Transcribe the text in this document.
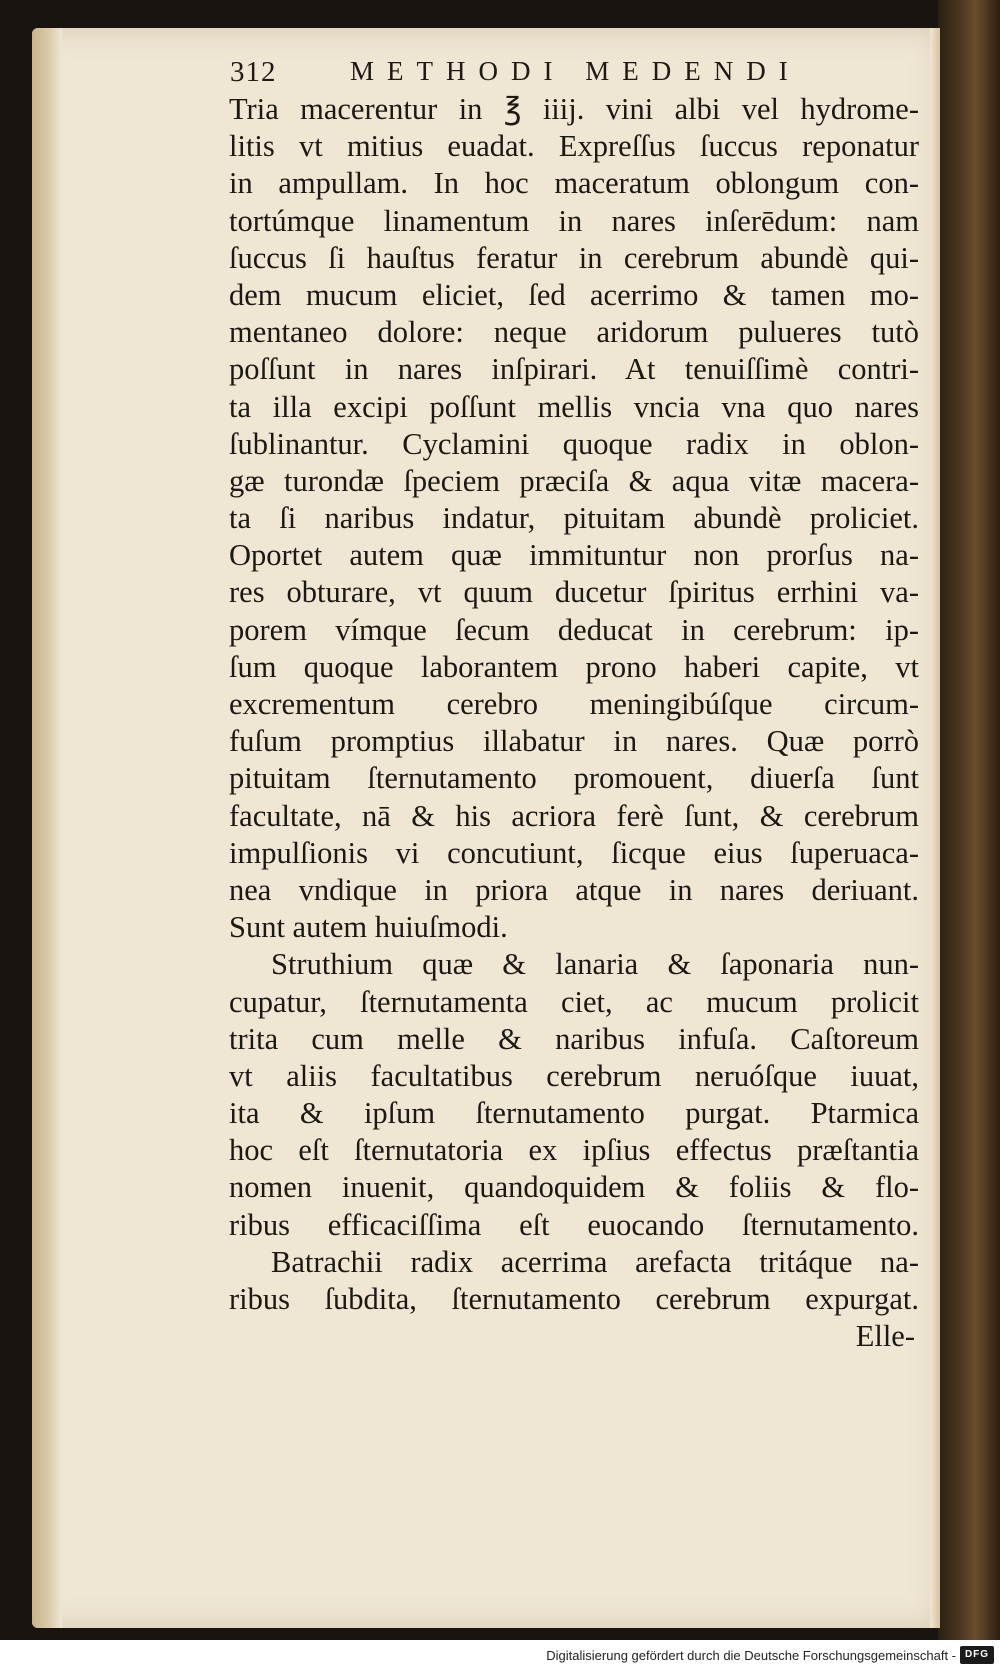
312	METHODI MEDENDI
Tria macerentur in ℥ iiij. vini albi vel hydrome-
litis vt mitius euadat. Expreſſus ſuccus reponatur
in ampullam. In hoc maceratum oblongum con-
tortúmque linamentum in nares inſerēdum: nam
ſuccus ſi hauſtus feratur in cerebrum abundè qui-
dem mucum eliciet, ſed acerrimo & tamen mo-
mentaneo dolore: neque aridorum pulueres tutò
poſſunt in nares inſpirari. At tenuiſſimè contri-
ta illa excipi poſſunt mellis vncia vna quo nares
ſublinantur. Cyclamini quoque radix in oblon-
gæ turondæ ſpeciem præciſa & aqua vitæ macera-
ta ſi naribus indatur, pituitam abundè proliciet.
Oportet autem quæ immituntur non prorſus na-
res obturare, vt quum ducetur ſpiritus errhini va-
porem vímque ſecum deducat in cerebrum: ip-
ſum quoque laborantem prono haberi capite, vt
excrementum cerebro meningibúſque circum-
fuſum promptius illabatur in nares. Quæ porrò
pituitam ſternutamento promouent, diuerſa ſunt
facultate, nā & his acriora ferè ſunt, & cerebrum
impulſionis vi concutiunt, ſicque eius ſuperuaca-
nea vndique in priora atque in nares deriuant.
Sunt autem huiuſmodi.
Struthium quæ & lanaria & ſaponaria nun-
cupatur, ſternutamenta ciet, ac mucum prolicit
trita cum melle & naribus infuſa. Caſtoreum
vt aliis facultatibus cerebrum neruóſque iuuat,
ita & ipſum ſternutamento purgat. Ptarmica
hoc eſt ſternutatoria ex ipſius effectus præſtantia
nomen inuenit, quandoquidem & foliis & flo-
ribus efficaciſſima eſt euocando ſternutamento.
Batrachii radix acerrima arefacta tritáque na-
ribus ſubdita, ſternutamento cerebrum expurgat.
Elle-
Digitalisierung gefördert durch die Deutsche Forschungsgemeinschaft - DFG
